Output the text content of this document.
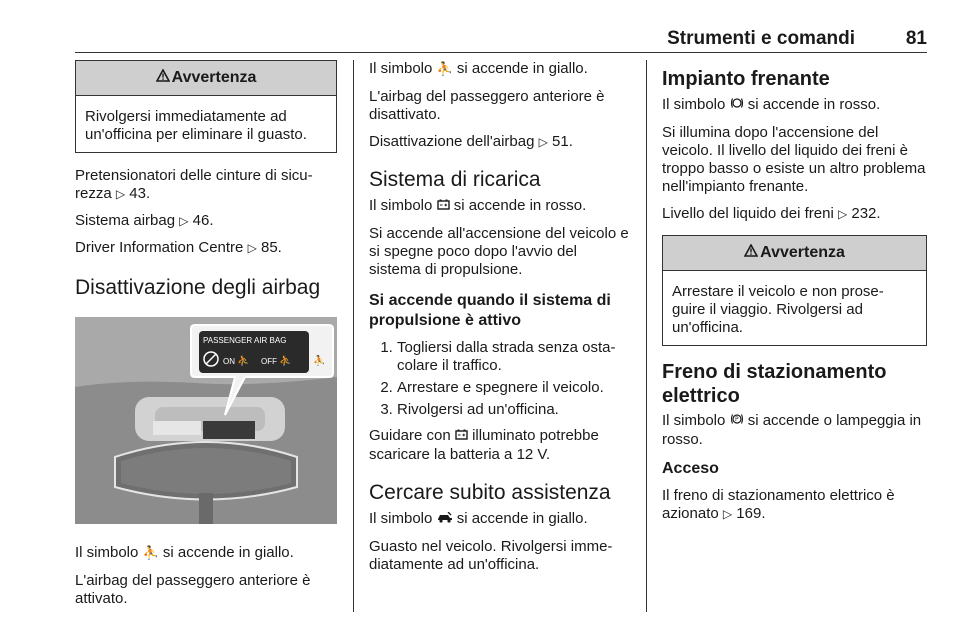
Strumenti e comandi	81
Avvertenza
Rivolgersi immediatamente ad un'officina per eliminare il guasto.

Pretensionatori delle cinture di sicu-rezza ▷ 43.

Sistema airbag ▷ 46.

Driver Information Centre ▷ 85.

Disattivazione degli airbag
PASSENGER AIR BAG
ON ⛹ OFF ⛹ ⛹

Il simbolo ⛹ si accende in giallo.

L'airbag del passeggero anteriore è attivato.

Il simbolo ⛹ si accende in giallo.

L'airbag del passeggero anteriore è disattivato.

Disattivazione dell'airbag ▷ 51.

Sistema di ricarica

Il simbolo si accende in rosso.

Si accende all'accensione del veicolo e si spegne poco dopo l'avvio del sistema di propulsione.

Si accende quando il sistema di propulsione è attivo
1. Togliersi dalla strada senza osta-colare il traffico.
2. Arrestare e spegnere il veicolo.
3. Rivolgersi ad un'officina.

Guidare con illuminato potrebbe scaricare la batteria a 12 V.

Cercare subito assistenza

Il simbolo si accende in giallo.

Guasto nel veicolo. Rivolgersi imme-diatamente ad un'officina.

Impianto frenante

Il simbolo si accende in rosso.

Si illumina dopo l'accensione del veicolo. Il livello del liquido dei freni è troppo basso o esiste un altro problema nell'impianto frenante.

Livello del liquido dei freni ▷ 232.

Avvertenza
Arrestare il veicolo e non prose-guire il viaggio. Rivolgersi ad un'officina.
Freno di stazionamento elettrico

Il simbolo P si accende o lampeggia in rosso.

Acceso

Il freno di stazionamento elettrico è azionato ▷ 169.
